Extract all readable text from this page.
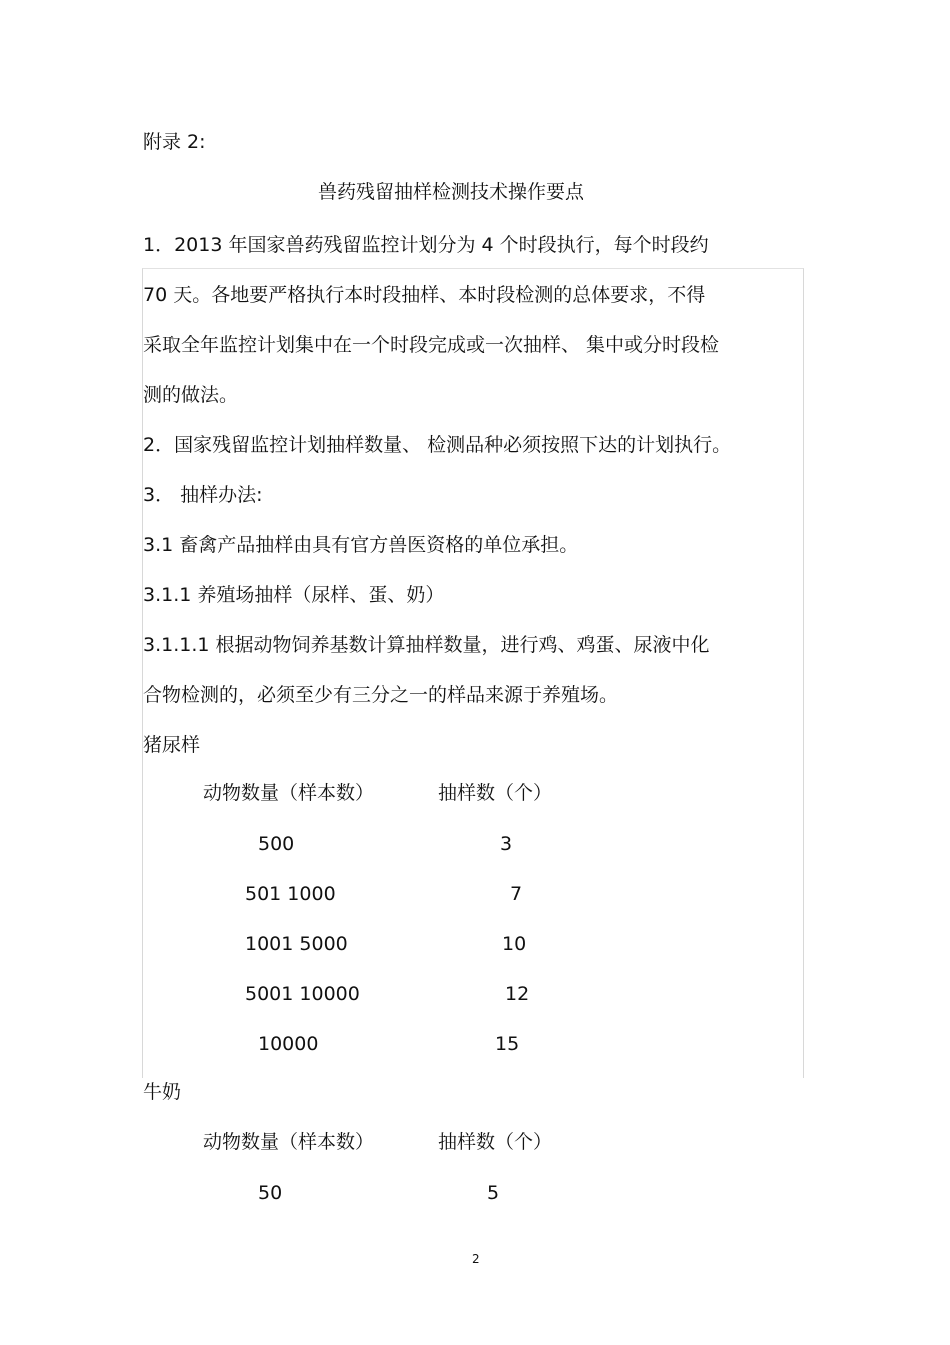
附录 2:
兽药残留抽样检测技术操作要点
1．2013 年国家兽药残留监控计划分为 4 个时段执行，每个时段约
70 天。各地要严格执行本时段抽样、本时段检测的总体要求，不得
采取全年监控计划集中在一个时段完成或一次抽样、 集中或分时段检
测的做法。
2．国家残留监控计划抽样数量、 检测品种必须按照下达的计划执行。
3． 抽样办法:
3.1 畜禽产品抽样由具有官方兽医资格的单位承担。
3.1.1 养殖场抽样（尿样、蛋、奶）
3.1.1.1 根据动物饲养基数计算抽样数量，进行鸡、鸡蛋、尿液中化
合物检测的，必须至少有三分之一的样品来源于养殖场。
猪尿样
动物数量（样本数）	抽样数（个）
500	3
501 1000	7
1001 5000	10
5001 10000	12
10000	15
牛奶
动物数量（样本数）	抽样数（个）
50	5
2
